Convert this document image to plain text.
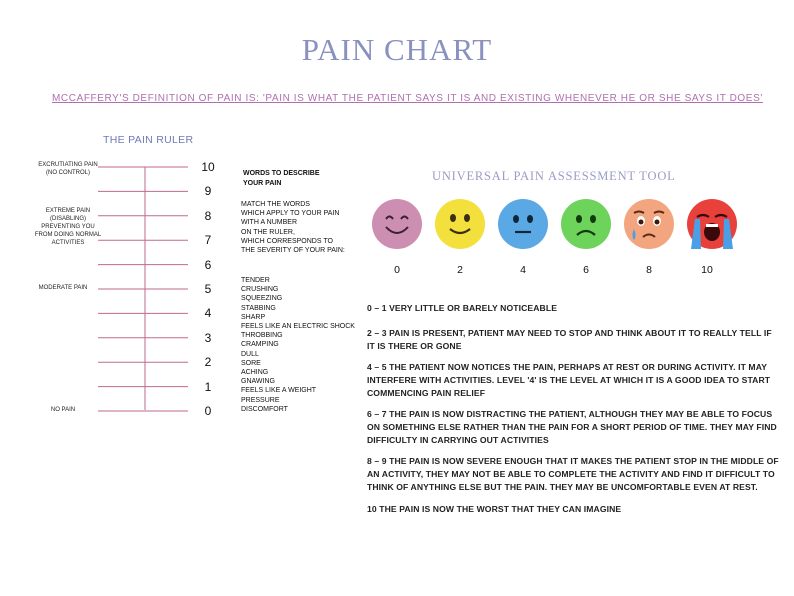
PAIN CHART
MCCAFFERY'S DEFINITION OF PAIN IS: 'PAIN IS WHAT THE PATIENT SAYS IT IS AND EXISTING WHENEVER HE OR SHE SAYS IT DOES'
THE PAIN RULER
10
9
8
7
6
5
4
3
2
1
0
EXCRUTIATING PAIN (NO CONTROL)
EXTREME PAIN (DISABLING) PREVENTING YOU FROM DOING NORMAL ACTIVITIES
MODERATE PAIN
NO PAIN
WORDS TO DESCRIBE
YOUR PAIN
MATCH THE WORDS
WHICH APPLY TO YOUR PAIN
WITH A NUMBER
ON THE RULER,
WHICH CORRESPONDS TO
THE SEVERITY OF YOUR PAIN:
TENDER
CRUSHING
SQUEEZING
STABBING
SHARP
FEELS LIKE AN ELECTRIC SHOCK
THROBBING
CRAMPING
DULL
SORE
ACHING
GNAWING
FEELS LIKE A WEIGHT
PRESSURE
DISCOMFORT
UNIVERSAL PAIN ASSESSMENT TOOL
0	2	4	6	8	10
0 – 1 VERY LITTLE OR BARELY NOTICEABLE
2 – 3 PAIN IS PRESENT, PATIENT MAY NEED TO STOP AND THINK ABOUT IT TO REALLY TELL IF IT IS THERE OR GONE
4 – 5 THE PATIENT NOW NOTICES THE PAIN, PERHAPS AT REST OR DURING ACTIVITY. IT MAY INTERFERE WITH ACTIVITIES. LEVEL '4' IS THE LEVEL AT WHICH IT IS A GOOD IDEA TO START COMMENCING PAIN RELIEF
6 – 7 THE PAIN IS NOW DISTRACTING THE PATIENT, ALTHOUGH THEY MAY BE ABLE TO FOCUS ON SOMETHING ELSE RATHER THAN THE PAIN FOR A SHORT PERIOD OF TIME. THEY MAY FIND DIFFICULTY IN CARRYING OUT ACTIVITIES
8 – 9 THE PAIN IS NOW SEVERE ENOUGH THAT IT MAKES THE PATIENT STOP IN THE MIDDLE OF AN ACTIVITY, THEY MAY NOT BE ABLE TO COMPLETE THE ACTIVITY AND FIND IT DIFFICULT TO THINK OF ANYTHING ELSE BUT THE PAIN. THEY MAY BE UNCOMFORTABLE EVEN AT REST.
10 THE PAIN IS NOW THE WORST THAT THEY CAN IMAGINE
